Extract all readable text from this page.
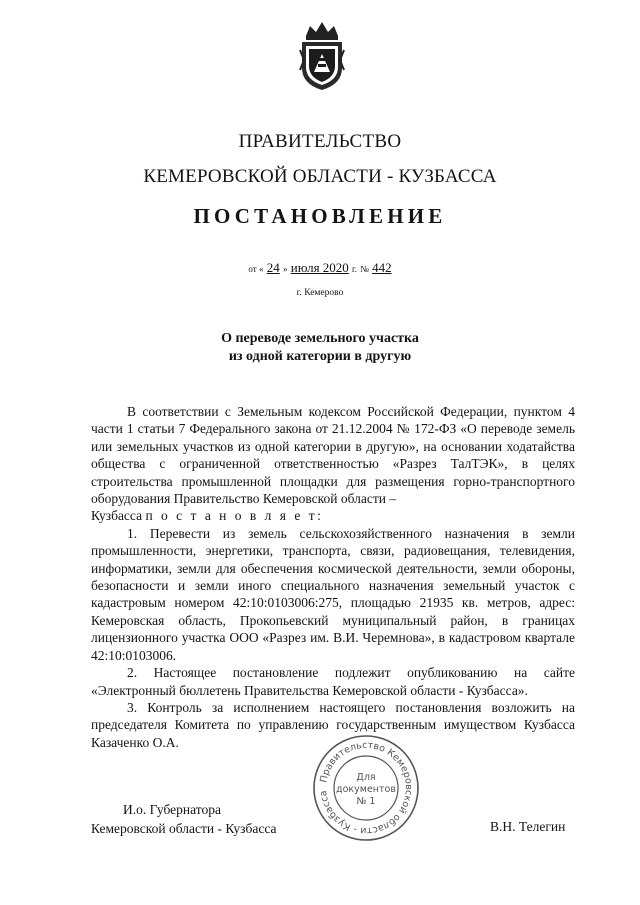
ПРАВИТЕЛЬСТВО
КЕМЕРОВСКОЙ ОБЛАСТИ - КУЗБАССА
ПОСТАНОВЛЕНИЕ
от « 24 » июля 2020 г. № 442
г. Кемерово
О переводе земельного участка
из одной категории в другую

В соответствии с Земельным кодексом Российской Федерации, пунктом 4 части 1 статьи 7 Федерального закона от 21.12.2004 № 172-ФЗ «О переводе земель или земельных участков из одной категории в другую», на основании ходатайства общества с ограниченной ответственностью «Разрез ТалТЭК», в целях строительства промышленной площадки для размещения горно-транспортного оборудования Правительство Кемеровской области –

Кузбасса п о с т а н о в л я е т:

1. Перевести из земель сельскохозяйственного назначения в земли промышленности, энергетики, транспорта, связи, радиовещания, телевидения, информатики, земли для обеспечения космической деятельности, земли обороны, безопасности и земли иного специального назначения земельный участок с кадастровым номером 42:10:0103006:275, площадью 21935 кв. метров, адрес: Кемеровская область, Прокопьевский муниципальный район, в границах лицензионного участка ООО «Разрез им. В.И. Черемнова», в кадастровом квартале 42:10:0103006.

2. Настоящее постановление подлежит опубликованию на сайте «Электронный бюллетень Правительства Кемеровской области - Кузбасса».

3. Контроль за исполнением настоящего постановления возложить на председателя Комитета по управлению государственным имуществом Кузбасса Казаченко О.А.

И.о. Губернатора
Кемеровской области - Кузбасса
Правительство Кемеровской области - Кузбасса
Для
документов
№ 1
В.Н. Телегин
